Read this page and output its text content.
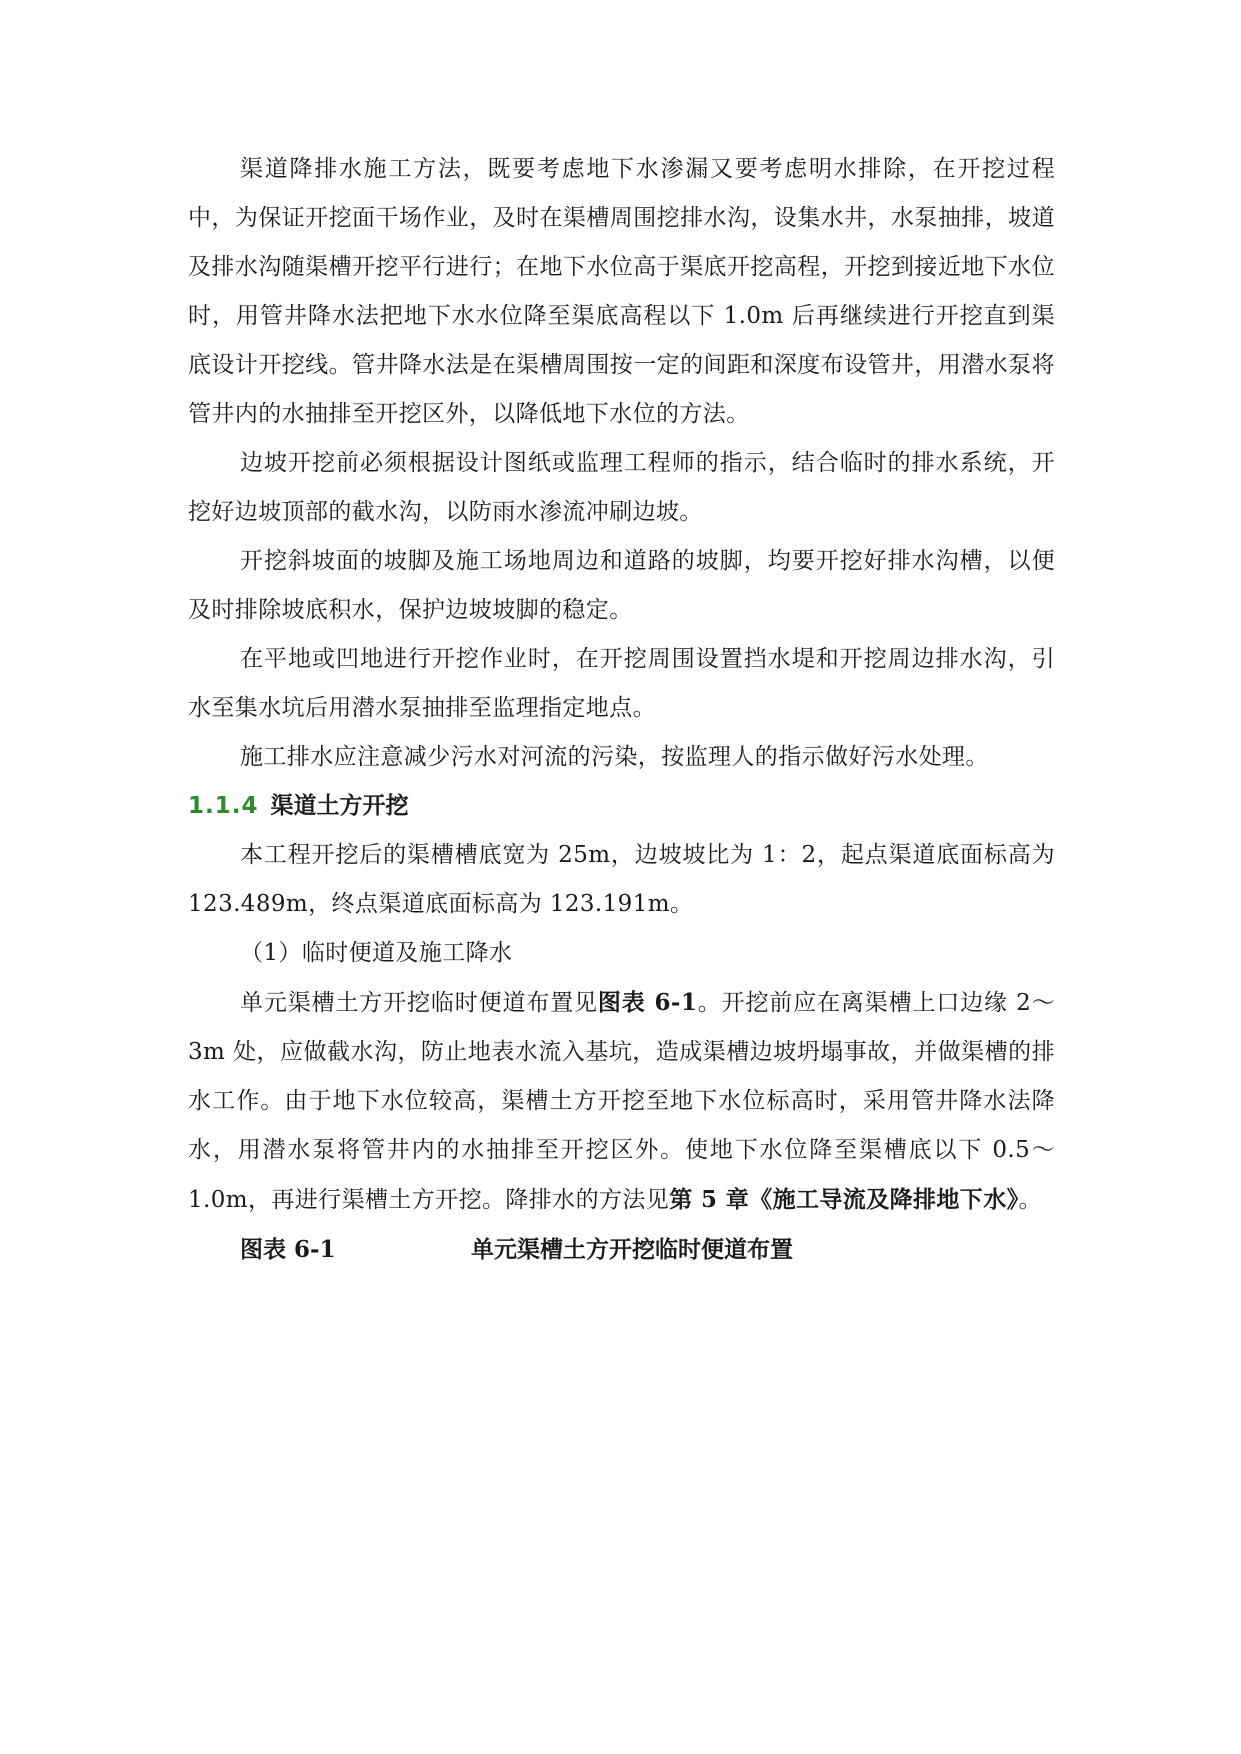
渠道降排水施工方法，既要考虑地下水渗漏又要考虑明水排除，在开挖过程中，为保证开挖面干场作业，及时在渠槽周围挖排水沟，设集水井，水泵抽排，坡道及排水沟随渠槽开挖平行进行；在地下水位高于渠底开挖高程，开挖到接近地下水位时，用管井降水法把地下水水位降至渠底高程以下 1.0m 后再继续进行开挖直到渠底设计开挖线。管井降水法是在渠槽周围按一定的间距和深度布设管井，用潜水泵将管井内的水抽排至开挖区外，以降低地下水位的方法。

边坡开挖前必须根据设计图纸或监理工程师的指示，结合临时的排水系统，开挖好边坡顶部的截水沟，以防雨水渗流冲刷边坡。

开挖斜坡面的坡脚及施工场地周边和道路的坡脚，均要开挖好排水沟槽，以便及时排除坡底积水，保护边坡坡脚的稳定。

在平地或凹地进行开挖作业时，在开挖周围设置挡水堤和开挖周边排水沟，引水至集水坑后用潜水泵抽排至监理指定地点。

施工排水应注意减少污水对河流的污染，按监理人的指示做好污水处理。

1.1.4 渠道土方开挖

本工程开挖后的渠槽槽底宽为 25m，边坡坡比为 1：2，起点渠道底面标高为 123.489m，终点渠道底面标高为 123.191m。

（1）临时便道及施工降水

单元渠槽土方开挖临时便道布置见图表 6-1。开挖前应在离渠槽上口边缘 2～3m 处，应做截水沟，防止地表水流入基坑，造成渠槽边坡坍塌事故，并做渠槽的排水工作。由于地下水位较高，渠槽土方开挖至地下水位标高时，采用管井降水法降水，用潜水泵将管井内的水抽排至开挖区外。使地下水位降至渠槽底以下 0.5～1.0m，再进行渠槽土方开挖。降排水的方法见第 5 章《施工导流及降排地下水》。

图表 6-1	单元渠槽土方开挖临时便道布置
